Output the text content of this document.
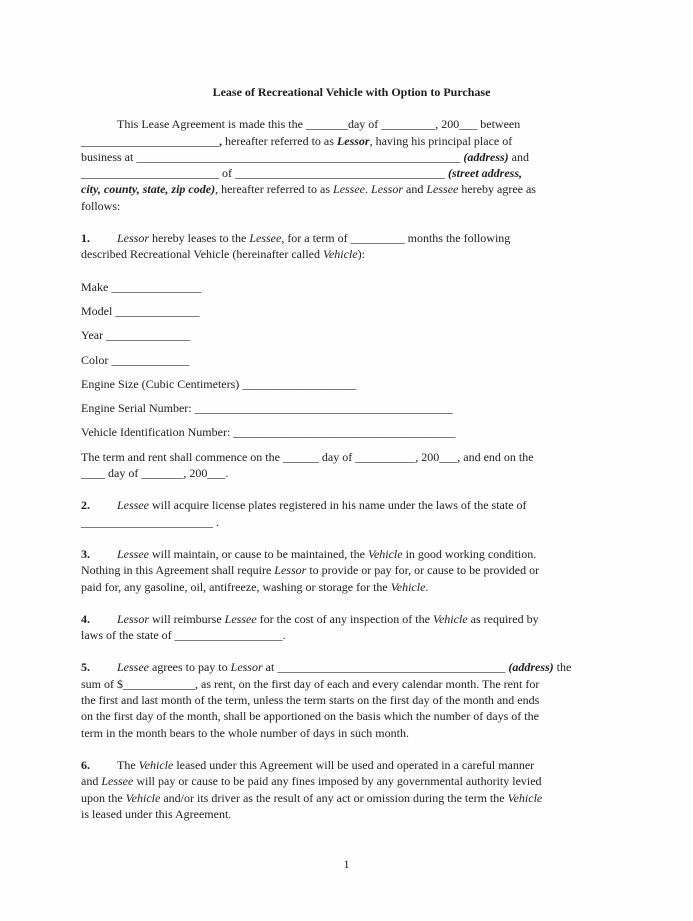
Lease of Recreational Vehicle with Option to Purchase
This Lease Agreement is made this the _______day of _________, 200___ between
_______________________, hereafter referred to as Lessor, having his principal place of
business at ______________________________________________________ (address) and
_______________________ of ___________________________________ (street address,
city, county, state, zip code), hereafter referred to as Lessee. Lessor and Lessee hereby agree as
follows:
1. Lessor hereby leases to the Lessee, for a term of _________ months the following
described Recreational Vehicle (hereinafter called Vehicle):
Make _______________
Model ______________
Year ______________
Color _____________
Engine Size (Cubic Centimeters) ___________________
Engine Serial Number: ___________________________________________
Vehicle Identification Number: _____________________________________
The term and rent shall commence on the ______ day of __________, 200___, and end on the
____ day of _______, 200___.
2. Lessee will acquire license plates registered in his name under the laws of the state of
______________________ .
3. Lessee will maintain, or cause to be maintained, the Vehicle in good working condition.
Nothing in this Agreement shall require Lessor to provide or pay for, or cause to be provided or
paid for, any gasoline, oil, antifreeze, washing or storage for the Vehicle.
4. Lessor will reimburse Lessee for the cost of any inspection of the Vehicle as required by
laws of the state of __________________.
5. Lessee agrees to pay to Lessor at ______________________________________ (address) the
sum of $____________, as rent, on the first day of each and every calendar month. The rent for
the first and last month of the term, unless the term starts on the first day of the month and ends
on the first day of the month, shall be apportioned on the basis which the number of days of the
term in the month bears to the whole number of days in such month.
6. The Vehicle leased under this Agreement will be used and operated in a careful manner
and Lessee will pay or cause to be paid any fines imposed by any governmental authority levied
upon the Vehicle and/or its driver as the result of any act or omission during the term the Vehicle
is leased under this Agreement.
1
